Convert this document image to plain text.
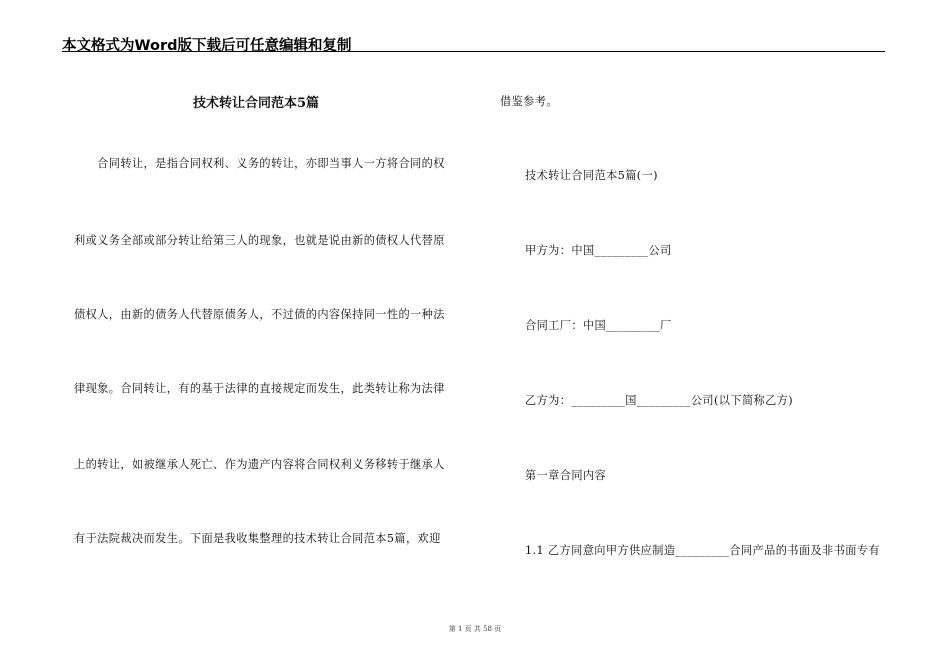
本文格式为Word版下载后可任意编辑和复制
技术转让合同范本5篇
　　合同转让，是指合同权利、义务的转让，亦即当事人一方将合同的权
利或义务全部或部分转让给第三人的现象，也就是说由新的债权人代替原
债权人，由新的债务人代替原债务人，不过债的内容保持同一性的一种法
律现象。合同转让，有的基于法律的直接规定而发生，此类转让称为法律
上的转让，如被继承人死亡、作为遗产内容将合同权利义务移转于继承人
有于法院裁决而发生。下面是我收集整理的技术转让合同范本5篇，欢迎
借鉴参考。
技术转让合同范本5篇(一)
甲方为：中国_________公司
合同工厂：中国_________厂
乙方为：_________国_________公司(以下简称乙方)
第一章合同内容
1.1 乙方同意向甲方供应制造_________合同产品的书面及非书面专有
第 1 页 共 58 页
